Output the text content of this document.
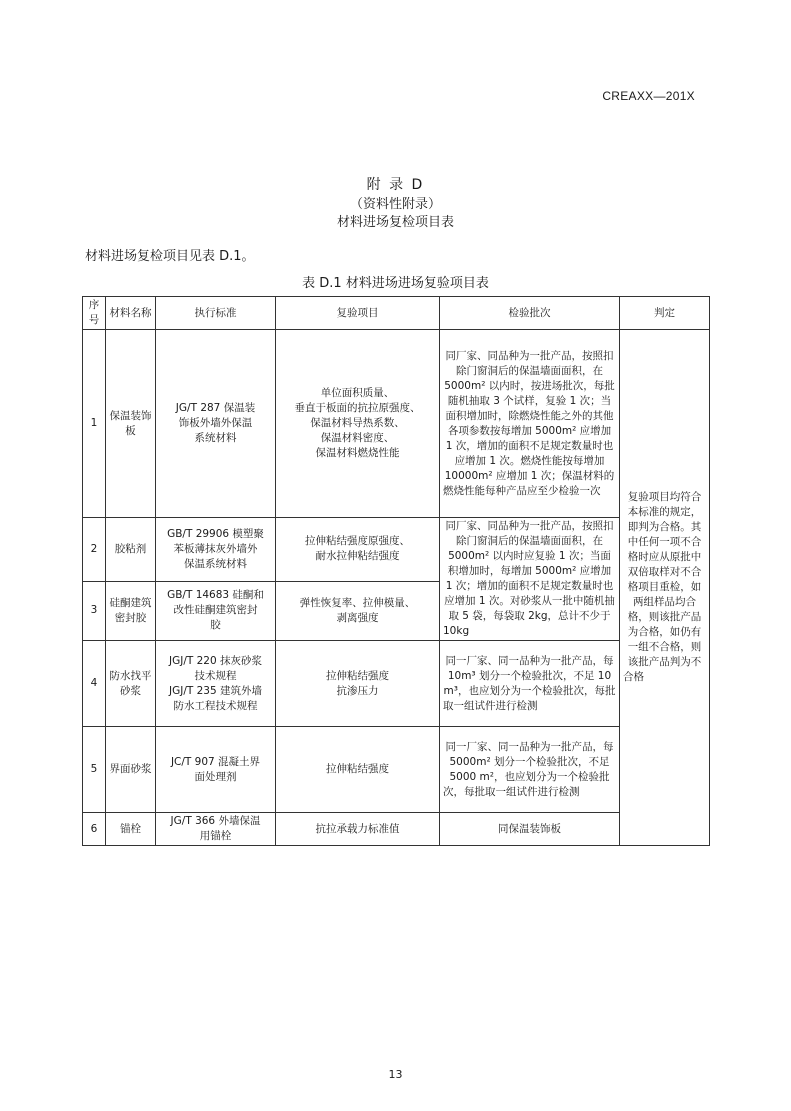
CREAXX—201X
附 录 D
（资料性附录）
材料进场复检项目表
材料进场复检项目见表 D.1。
表 D.1 材料进场进场复验项目表
序号	材料名称	执行标准	复验项目	检验批次	判定
1	保温装饰板	JG/T 287 保温装
饰板外墙外保温
系统材料	单位面积质量、
垂直于板面的抗拉原强度、
保温材料导热系数、
保温材料密度、
保温材料燃烧性能	同厂家、同品种为一批产品，按照扣除门窗洞后的保温墙面面积，在 5000m² 以内时，按进场批次，每批随机抽取 3 个试样，复验 1 次；当面积增加时，除燃烧性能之外的其他各项参数按每增加 5000m² 应增加 1 次，增加的面积不足规定数量时也应增加 1 次。燃烧性能按每增加 10000m² 应增加 1 次；保温材料的燃烧性能每种产品应至少检验一次	复验项目均符合本标准的规定，即判为合格。其中任何一项不合格时应从原批中双倍取样对不合格项目重检，如两组样品均合格，则该批产品为合格，如仍有一组不合格，则该批产品判为不合格
2	胶粘剂	GB/T 29906 模塑聚
苯板薄抹灰外墙外
保温系统材料	拉伸粘结强度原强度、
耐水拉伸粘结强度	同厂家、同品种为一批产品，按照扣除门窗洞后的保温墙面面积，在 5000m² 以内时应复验 1 次；当面积增加时，每增加 5000m² 应增加 1 次；增加的面积不足规定数量时也应增加 1 次。对砂浆从一批中随机抽取 5 袋，每袋取 2kg，总计不少于 10kg	
3	硅酮建筑密封胶	GB/T 14683 硅酮和
改性硅酮建筑密封
胶	弹性恢复率、拉伸模量、
剥离强度		

4	防水找平砂浆	JGJ/T 220 抹灰砂浆
技术规程
JGJ/T 235 建筑外墙
防水工程技术规程	拉伸粘结强度
抗渗压力	同一厂家、同一品种为一批产品，每 10m³ 划分一个检验批次，不足 10 m³，也应划分为一个检验批次，每批取一组试件进行检测	
5	界面砂浆	JC/T 907 混凝土界
面处理剂	拉伸粘结强度	同一厂家、同一品种为一批产品，每 5000m² 划分一个检验批次，不足 5000 m²，也应划分为一个检验批次，每批取一组试件进行检测	
6	锚栓	JG/T 366 外墙保温
用锚栓	抗拉承载力标准值	同保温装饰板	
13
